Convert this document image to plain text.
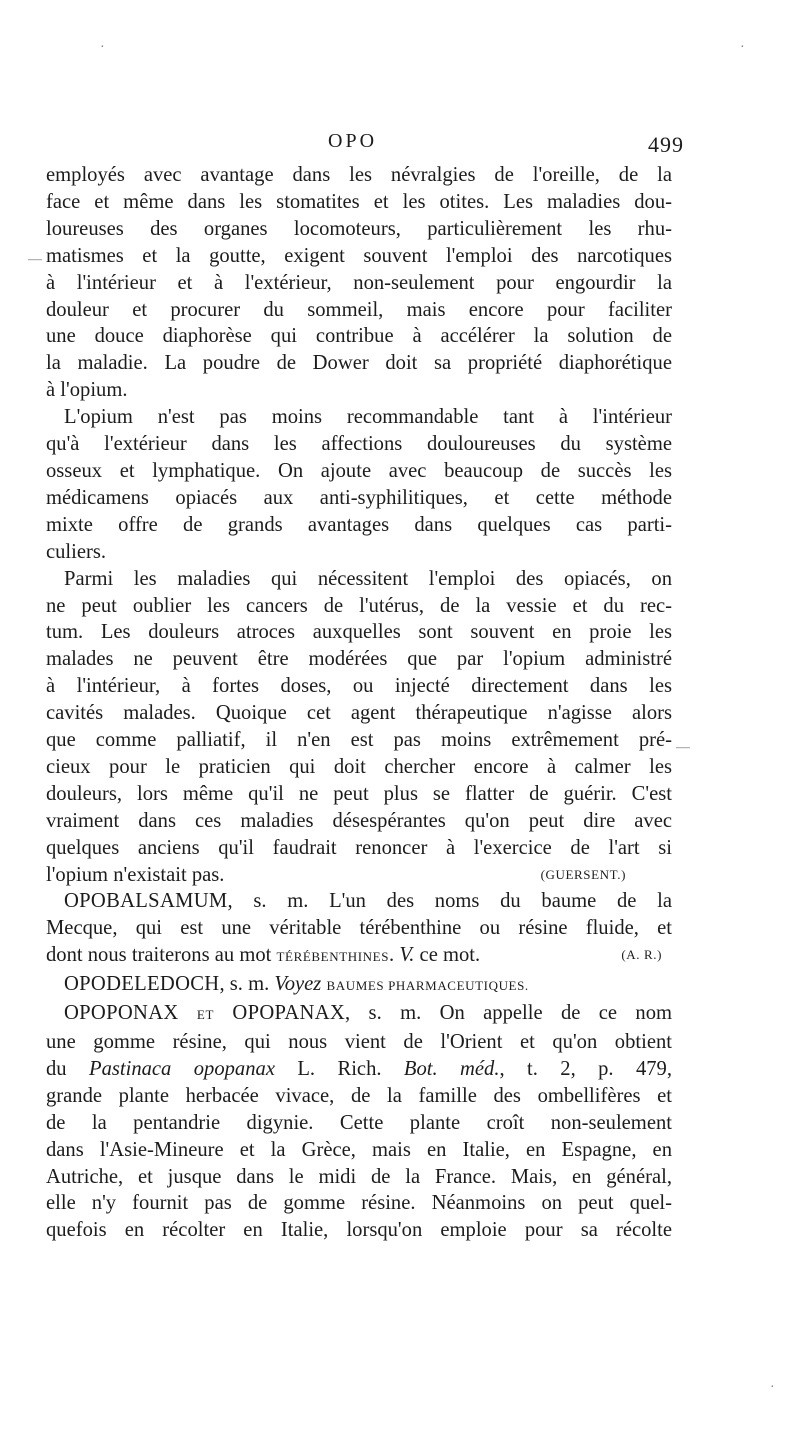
OPO	499

employés avec avantage dans les névralgies de l'oreille, de la
face et même dans les stomatites et les otites. Les maladies dou-
loureuses des organes locomoteurs, particulièrement les rhu-
matismes et la goutte, exigent souvent l'emploi des narcotiques
à l'intérieur et à l'extérieur, non-seulement pour engourdir la
douleur et procurer du sommeil, mais encore pour faciliter
une douce diaphorèse qui contribue à accélérer la solution de
la maladie. La poudre de Dower doit sa propriété diaphorétique
à l'opium.

L'opium n'est pas moins recommandable tant à l'intérieur
qu'à l'extérieur dans les affections douloureuses du système
osseux et lymphatique. On ajoute avec beaucoup de succès les
médicamens opiacés aux anti-syphilitiques, et cette méthode
mixte offre de grands avantages dans quelques cas parti-
culiers.

Parmi les maladies qui nécessitent l'emploi des opiacés, on
ne peut oublier les cancers de l'utérus, de la vessie et du rec-
tum. Les douleurs atroces auxquelles sont souvent en proie les
malades ne peuvent être modérées que par l'opium administré
à l'intérieur, à fortes doses, ou injecté directement dans les
cavités malades. Quoique cet agent thérapeutique n'agisse alors
que comme palliatif, il n'en est pas moins extrêmement pré-
cieux pour le praticien qui doit chercher encore à calmer les
douleurs, lors même qu'il ne peut plus se flatter de guérir. C'est
vraiment dans ces maladies désespérantes qu'on peut dire avec
quelques anciens qu'il faudrait renoncer à l'exercice de l'art si
l'opium n'existait pas.	(GUERSENT.)

OPOBALSAMUM, s. m. L'un des noms du baume de la
Mecque, qui est une véritable térébenthine ou résine fluide, et
dont nous traiterons au mot TÉRÉBENTHINES. V. ce mot.	(A. R.)

OPODELEDOCH, s. m. Voyez BAUMES PHARMACEUTIQUES.

OPOPONAX ET OPOPANAX, s. m. On appelle de ce nom
une gomme résine, qui nous vient de l'Orient et qu'on obtient
du Pastinaca opopanax L. Rich. Bot. méd., t. 2, p. 479,
grande plante herbacée vivace, de la famille des ombellifères et
de la pentandrie digynie. Cette plante croît non-seulement
dans l'Asie-Mineure et la Grèce, mais en Italie, en Espagne, en
Autriche, et jusque dans le midi de la France. Mais, en général,
elle n'y fournit pas de gomme résine. Néanmoins on peut quel-
quefois en récolter en Italie, lorsqu'on emploie pour sa récolte

—
—
·	·
·
